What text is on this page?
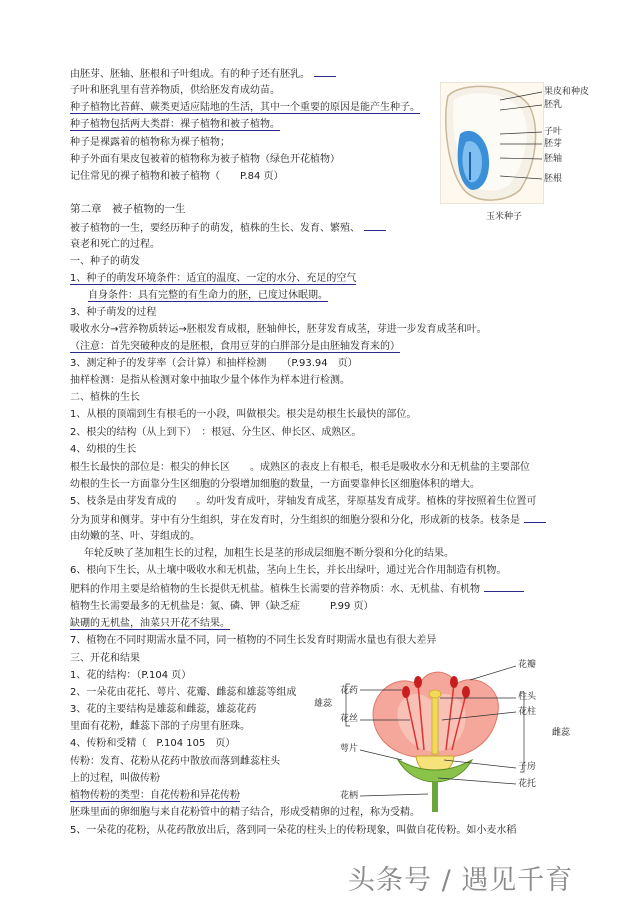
由胚芽、胚轴、胚根和子叶组成。有的种子还有胚乳。
子叶和胚乳里有营养物质，供给胚发育成幼苗。
种子植物比苔藓、蕨类更适应陆地的生活，其中一个重要的原因是能产生种子。
种子植物包括两大类群：裸子植物和被子植物。
种子是裸露着的植物称为裸子植物；
种子外面有果皮包被着的植物称为被子植物（绿色开花植物）
记住常见的裸子植物和被子植物（　　P.84 页）
第二章　被子植物的一生
被子植物的一生，要经历种子的萌发，植株的生长、发育、繁殖、
衰老和死亡的过程。
一、种子的萌发
1、种子的萌发环境条件：适宜的温度、一定的水分、充足的空气
自身条件：具有完整的有生命力的胚，已度过休眠期。
3、种子萌发的过程
吸收水分→营养物质转运→胚根发育成根，胚轴伸长，胚芽发育成茎，芽进一步发育成茎和叶。
（注意：首先突破种皮的是胚根，食用豆芽的白胖部分是由胚轴发育来的）
3、测定种子的发芽率（会计算）和抽样检测　　（P.93.94　页）
抽样检测：是指从检测对象中抽取少量个体作为样本进行检测。
二、植株的生长
1、从根的顶端到生有根毛的一小段，叫做根尖。根尖是幼根生长最快的部位。
2、根尖的结构（从上到下）　：根冠、分生区、伸长区、成熟区。
4、幼根的生长
根生长最快的部位是：根尖的伸长区　　。成熟区的表皮上有根毛，根毛是吸收水分和无机盐的主要部位
幼根的生长一方面靠分生区细胞的分裂增加细胞的数量，一方面要靠伸长区细胞体积的增大。
5、枝条是由芽发育成的　　。幼叶发育成叶，芽轴发育成茎，芽原基发育成芽。植株的芽按照着生位置可
分为顶芽和侧芽。芽中有分生组织，芽在发育时，分生组织的细胞分裂和分化，形成新的枝条。枝条是
由幼嫩的茎、叶、芽组成的。
年轮反映了茎加粗生长的过程，加粗生长是茎的形成层细胞不断分裂和分化的结果。
6、根向下生长，从土壤中吸收水和无机盐，茎向上生长，并长出绿叶，通过光合作用制造有机物。
肥料的作用主要是给植物的生长提供无机盐。植株生长需要的营养物质：水、无机盐、有机物
植物生长需要最多的无机盐是：氮、磷、钾（缺乏症　　　P.99 页）
缺硼的无机盐，油菜只开花不结果。
7、植物在不同时期需水量不同，同一植物的不同生长发育时期需水量也有很大差异
三、开花和结果
1、花的结构：（P.104 页）
2、一朵花由花托、萼片、花瓣、雌蕊和雄蕊等组成
3、花的主要结构是雄蕊和雌蕊，雄蕊花药
里面有花粉，雌蕊下部的子房里有胚珠。
4、传粉和受精（　P.104 105　页）
传粉：发育、花粉从花药中散放而落到雌蕊柱头
上的过程，叫做传粉
植物传粉的类型：自花传粉和异花传粉
胚珠里面的卵细胞与来自花粉管中的精子结合，形成受精卵的过程，称为受精。
5、一朵花的花粉，从花药散放出后，落到同一朵花的柱头上的传粉现象，叫做自花传粉。如小麦水稻
果皮和种皮
胚乳
子叶
胚芽
胚轴
胚根
玉米种子
花瓣
花药
花丝
雄蕊
柱头
花柱
雌蕊
萼片
子房
花托
花柄
头条号 / 遇见千育
